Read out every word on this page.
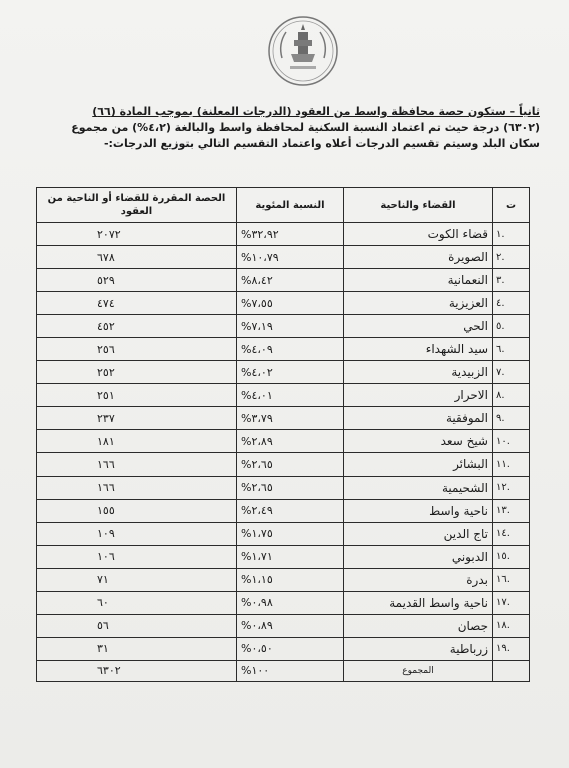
ثانياً – ستكون حصة محافظة واسط من العقود (الدرجات المعلنة) بموجب المادة (٦٦)

(٦٣٠٢) درجة حيث تم اعتماد النسبة السكنية لمحافظة واسط والبالغة (٤،٢%) من مجموع

سكان البلد وسيتم تقسيم الدرجات أعلاه واعتماد التقسيم التالي بتوزيع الدرجات:-

ت	القضاء والناحية	النسبة المئوية	الحصة المقررة للقضاء أو الناحية من العقود
.١	قضاء الكوت	%٣٢،٩٢	٢٠٧٢
.٢	الصويرة	%١٠،٧٩	٦٧٨
.٣	النعمانية	%٨،٤٢	٥٢٩
.٤	العزيزية	%٧،٥٥	٤٧٤
.٥	الحي	%٧،١٩	٤٥٢
.٦	سيد الشهداء	%٤،٠٩	٢٥٦
.٧	الزبيدية	%٤،٠٢	٢٥٢
.٨	الاحرار	%٤،٠١	٢٥١
.٩	الموفقية	%٣،٧٩	٢٣٧
.١٠	شيخ سعد	%٢،٨٩	١٨١
.١١	البشائر	%٢،٦٥	١٦٦
.١٢	الشحيمية	%٢،٦٥	١٦٦
.١٣	ناحية واسط	%٢،٤٩	١٥٥
.١٤	تاج الدين	%١،٧٥	١٠٩
.١٥	الدبوني	%١،٧١	١٠٦
.١٦	بدرة	%١،١٥	٧١
.١٧	ناحية واسط القديمة	%٠،٩٨	٦٠
.١٨	جصان	%٠،٨٩	٥٦
.١٩	زرباطية	%٠،٥٠	٣١
	المجموع	%١٠٠	٦٣٠٢
